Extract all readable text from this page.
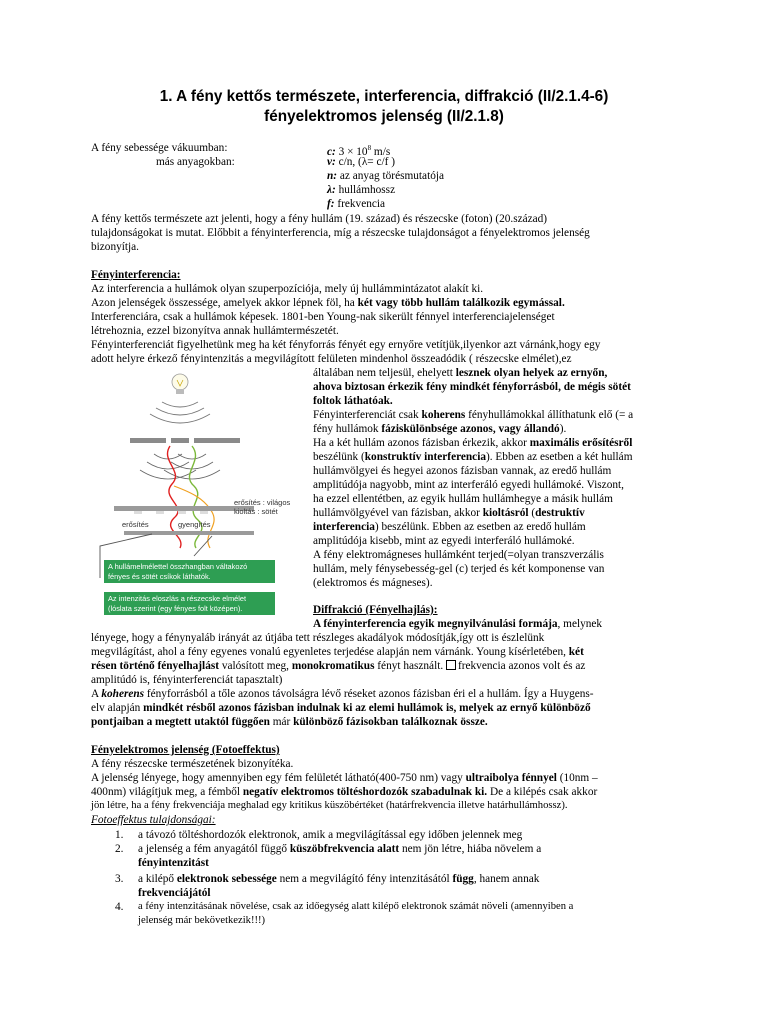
1. A fény kettős természete, interferencia, diffrakció (II/2.1.4-6)
fényelektromos jelenség (II/2.1.8)
A fény sebessége vákuumban:
más anyagokban:
c: $3 \times 10^8$ m/s
v: c/n, (λ= c/f )
n: az anyag törésmutatója
λ: hullámhossz
f: frekvencia
A fény kettős természete azt jelenti, hogy a fény hullám (19. század) és részecske (foton) (20.század)
tulajdonságokat is mutat. Előbbit a fényinterferencia, míg a részecske tulajdonságot a fényelektromos jelenség
bizonyítja.
Fényinterferencia:
Az interferencia a hullámok olyan szuperpozíciója, mely új hullámmintázatot alakít ki.
Azon jelenségek összessége, amelyek akkor lépnek föl, ha két vagy több hullám találkozik egymással.
Interferenciára, csak a hullámok képesek. 1801-ben Young-nak sikerült fénnyel interferenciajelenséget
létrehoznia, ezzel bizonyítva annak hullámtermészetét.
Fényinterferenciát figyelhetünk meg ha két fényforrás fényét egy ernyőre vetítjük,ilyenkor azt várnánk,hogy egy
adott helyre érkező fényintenzitás a megvilágított felületen mindenhol összeadódik ( részecske elmélet),ez
általában nem teljesül, ehelyett lesznek olyan helyek az ernyőn,
ahova biztosan érkezik fény mindkét fényforrásból, de mégis sötét
foltok láthatóak.
Fényinterferenciát csak koherens fényhullámokkal állíthatunk elő (= a
fény hullámok fáziskülönbsége azonos, vagy állandó).
Ha a két hullám azonos fázisban érkezik, akkor maximális erősítésről
beszélünk (konstruktív interferencia). Ebben az esetben a két hullám
hullámvölgyei és hegyei azonos fázisban vannak, az eredő hullám
amplitúdója nagyobb, mint az interferáló egyedi hullámoké. Viszont,
ha ezzel ellentétben, az egyik hullám hullámhegye a másik hullám
hullámvölgyével van fázisban, akkor kioltásról (destruktív
interferencia) beszélünk. Ebben az esetben az eredő hullám
amplitúdója kisebb, mint az egyedi interferáló hullámoké.
A fény elektromágneses hullámként terjed(=olyan transzverzális
hullám, mely fénysebesség-gel (c) terjed és két komponense van
(elektromos és mágneses).
erősítés : világos
kioltás : sötét
erősítés	gyengítés
A hullámelmélettel összhangban váltakozó fényes és sötét csíkok láthatók.
Az intenzitás eloszlás a részecske elmélet (lóslata szerint (egy fényes folt középen).	Diffrakció (Fényelhajlás):
A fényinterferencia egyik megnyilvánulási formája, melynek
lényege, hogy a fénynyaláb irányát az útjába tett részleges akadályok módosítják,így ott is észlelünk
megvilágítást, ahol a fény egyenes vonalú egyenletes terjedése alapján nem várnánk. Young kísérletében, két
résen történő fényelhajlást valósított meg, monokromatikus fényt használt. frekvencia azonos volt és az
amplitúdó is, fényinterferenciát tapasztalt)
A koherens fényforrásból a tőle azonos távolságra lévő réseket azonos fázisban éri el a hullám. Így a Huygens-
elv alapján mindkét résből azonos fázisban indulnak ki az elemi hullámok is, melyek az ernyő különböző
pontjaiban a megtett utaktól függően már különböző fázisokban találkoznak össze.
Fényelektromos jelenség (Fotoeffektus)
A fény részecske természetének bizonyítéka.
A jelenség lényege, hogy amennyiben egy fém felületét látható(400-750 nm) vagy ultraibolya fénnyel (10nm –
400nm) világítjuk meg, a fémből negatív elektromos töltéshordozók szabadulnak ki. De a kilépés csak akkor
jön létre, ha a fény frekvenciája meghalad egy kritikus küszöbértéket (határfrekvencia illetve határhullámhossz).
Fotoeffektus tulajdonságai:
1. a távozó töltéshordozók elektronok, amik a megvilágítással egy időben jelennek meg
2. a jelenség a fém anyagától függő küszöbfrekvencia alatt nem jön létre, hiába növelem a
fényintenzitást
3. a kilépő elektronok sebessége nem a megvilágító fény intenzitásától függ, hanem annak
frekvenciájától
4. a fény intenzitásának növelése, csak az időegység alatt kilépő elektronok számát növeli (amennyiben a
jelenség már bekövetkezik!!!)
